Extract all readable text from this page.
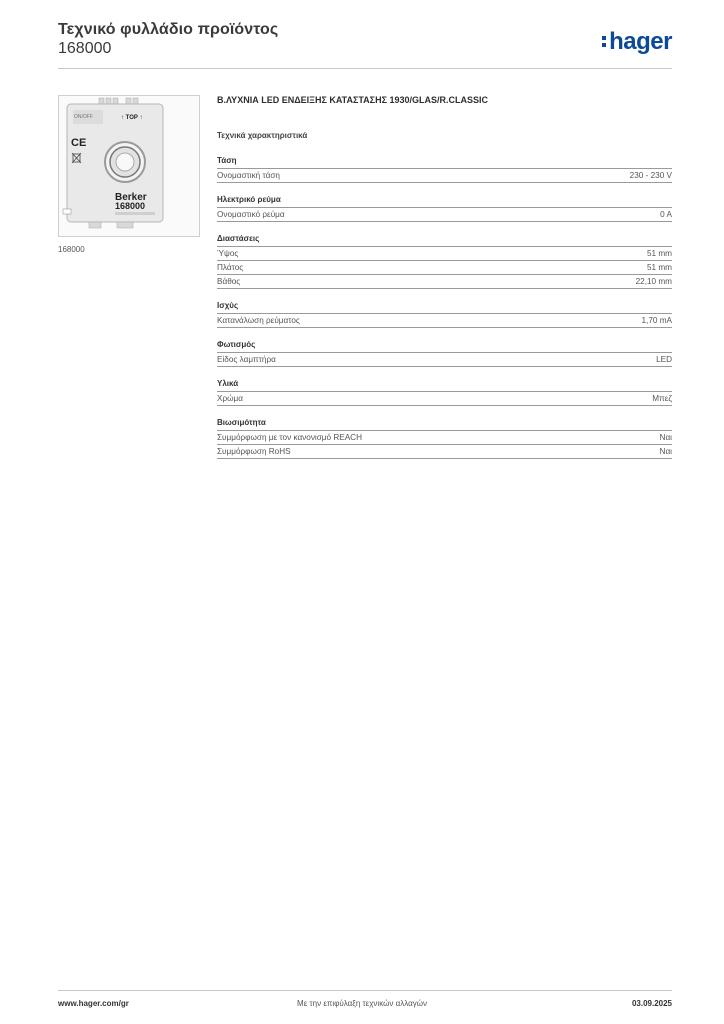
Τεχνικό φυλλάδιο προϊόντος
168000	hager
ON/OFF	↑ TOP ↑
CE
Berker
168000
168000
Β.ΛΥΧΝΙΑ LED ΕΝΔΕΙΞΗΣ ΚΑΤΑΣΤΑΣΗΣ 1930/GLAS/R.CLASSIC
Τεχνικά χαρακτηριστικά
Τάση
Ονομαστική τάση	230 - 230 V
Ηλεκτρικό ρεύμα
Ονομαστικό ρεύμα	0 A
Διαστάσεις
Ύψος	51 mm
Πλάτος	51 mm
Βάθος	22,10 mm
Ισχύς
Κατανάλωση ρεύματος	1,70 mA
Φωτισμός
Είδος λαμπτήρα	LED
Υλικά
Χρώμα	Μπεζ
Βιωσιμότητα
Συμμόρφωση με τον κανονισμό REACH	Ναι
Συμμόρφωση RoHS	Ναι
www.hager.com/gr	Με την επιφύλαξη τεχνικών αλλαγών	03.09.2025
